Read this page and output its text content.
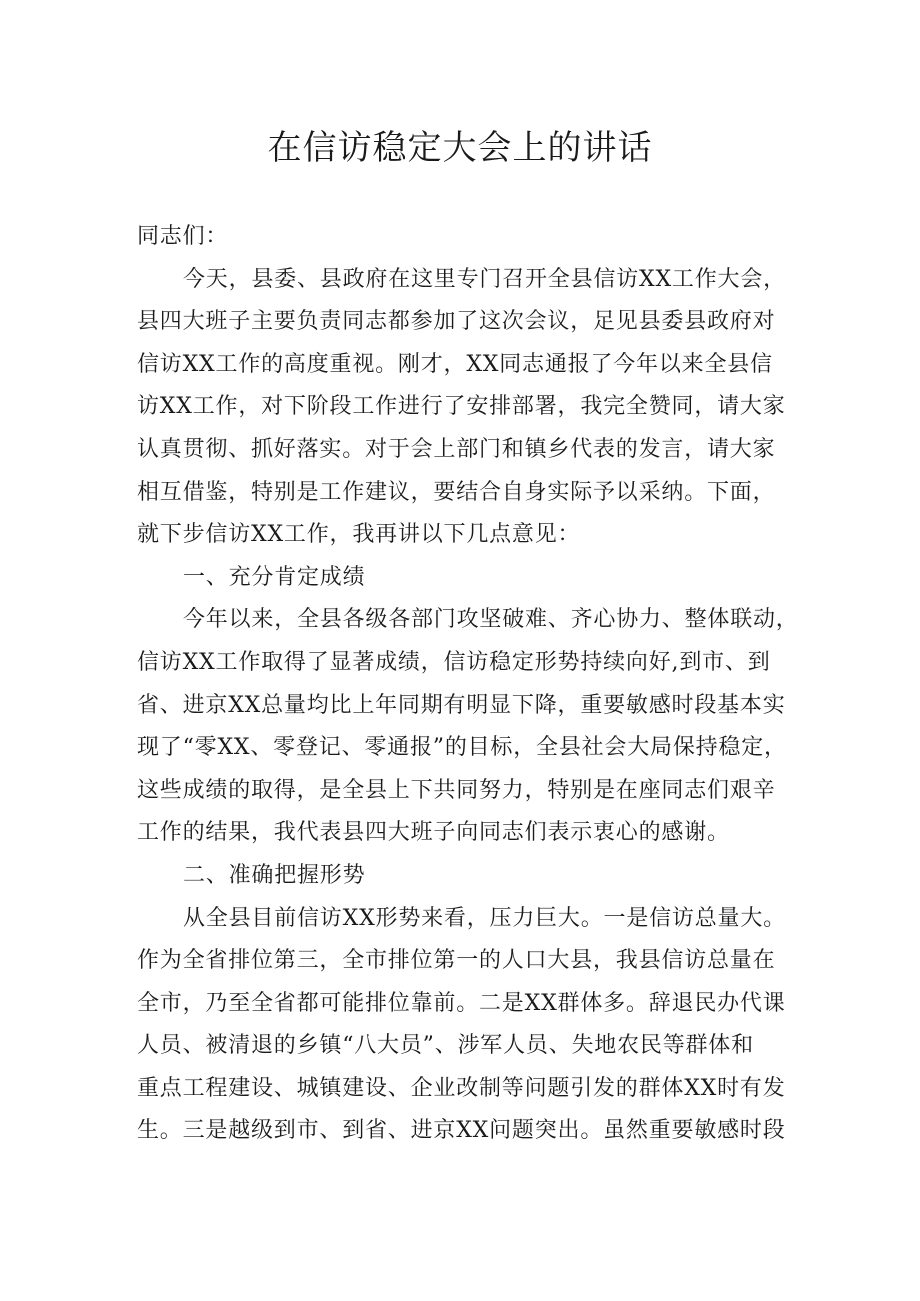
在信访稳定大会上的讲话
同志们：
今天，县委、县政府在这里专门召开全县信访XX工作大会，
县四大班子主要负责同志都参加了这次会议，足见县委县政府对
信访XX工作的高度重视。刚才，XX同志通报了今年以来全县信
访XX工作，对下阶段工作进行了安排部署，我完全赞同，请大家
认真贯彻、抓好落实。对于会上部门和镇乡代表的发言，请大家
相互借鉴，特别是工作建议，要结合自身实际予以采纳。下面，
就下步信访XX工作，我再讲以下几点意见：
一、充分肯定成绩
今年以来，全县各级各部门攻坚破难、齐心协力、整体联动，
信访XX工作取得了显著成绩，信访稳定形势持续向好,到市、到
省、进京XX总量均比上年同期有明显下降，重要敏感时段基本实
现了“零XX、零登记、零通报”的目标，全县社会大局保持稳定，
这些成绩的取得，是全县上下共同努力，特别是在座同志们艰辛
工作的结果，我代表县四大班子向同志们表示衷心的感谢。
二、准确把握形势
从全县目前信访XX形势来看，压力巨大。一是信访总量大。
作为全省排位第三，全市排位第一的人口大县，我县信访总量在
全市，乃至全省都可能排位靠前。二是XX群体多。辞退民办代课
人员、被清退的乡镇“八大员”、涉军人员、失地农民等群体和
重点工程建设、城镇建设、企业改制等问题引发的群体XX时有发
生。三是越级到市、到省、进京XX问题突出。虽然重要敏感时段
